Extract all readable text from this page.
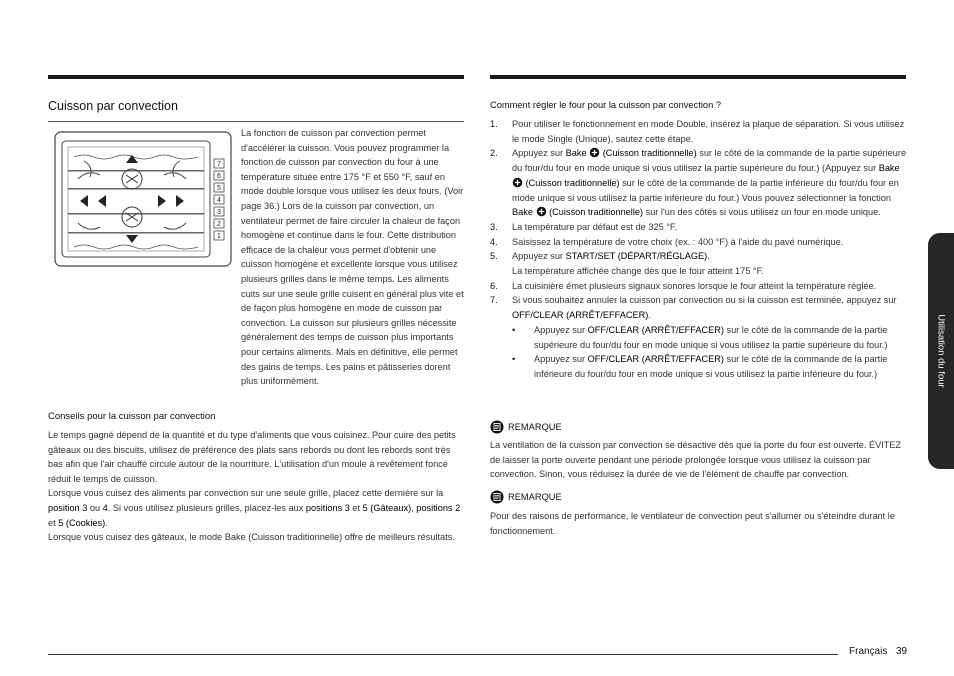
Cuisson par convection
7
6
5
4
3
2
1
La fonction de cuisson par convection permet d'accélérer la cuisson. Vous pouvez programmer la fonction de cuisson par convection du four à une température située entre 175 °F et 550 °F, sauf en mode double lorsque vous utilisez les deux fours. (Voir page 36.) Lors de la cuisson par convection, un ventilateur permet de faire circuler la chaleur de façon homogène et continue dans le four. Cette distribution efficace de la chaleur vous permet d'obtenir une cuisson homogène et excellente lorsque vous utilisez plusieurs grilles dans le même temps. Les aliments cuits sur une seule grille cuisent en général plus vite et de façon plus homogène en mode de cuisson par convection. La cuisson sur plusieurs grilles nécessite généralement des temps de cuisson plus importants pour certains aliments. Mais en définitive, elle permet des gains de temps. Les pains et pâtisseries dorent plus uniformément.
Conseils pour la cuisson par convection

Le temps gagné dépend de la quantité et du type d'aliments que vous cuisinez. Pour cuire des petits gâteaux ou des biscuits, utilisez de préférence des plats sans rebords ou dont les rebords sont très bas afin que l'air chauffé circule autour de la nourriture. L'utilisation d'un moule à revêtement foncé réduit le temps de cuisson.

Lorsque vous cuisez des aliments par convection sur une seule grille, placez cette dernière sur la position 3 ou 4. Si vous utilisez plusieurs grilles, placez-les aux positions 3 et 5 (Gâteaux), positions 2 et 5 (Cookies).

Lorsque vous cuisez des gâteaux, le mode Bake (Cuisson traditionnelle) offre de meilleurs résultats.

Comment régler le four pour la cuisson par convection ?
1. Pour utiliser le fonctionnement en mode Double, insérez la plaque de séparation. Si vous utilisez le mode Single (Unique), sautez cette étape.
2. Appuyez sur Bake (Cuisson traditionnelle) sur le côté de la commande de la partie supérieure du four/du four en mode unique si vous utilisez la partie supérieure du four.) (Appuyez sur Bake  (Cuisson traditionnelle) sur le côté de la commande de la partie inférieure du four/du four en mode unique si vous utilisez la partie inférieure du four.) Vous pouvez sélectionner la fonction Bake (Cuisson traditionnelle) sur l'un des côtés si vous utilisez un four en mode unique.
3. La température par défaut est de 325 °F.
4. Saisissez la température de votre choix (ex. : 400 °F) à l'aide du pavé numérique.
5. Appuyez sur START/SET (DÉPART/RÉGLAGE).
La température affichée change dès que le four atteint 175 °F.
6. La cuisinière émet plusieurs signaux sonores lorsque le four atteint la température réglée.
7. Si vous souhaitez annuler la cuisson par convection ou si la cuisson est terminée, appuyez sur OFF/CLEAR (ARRÊT/EFFACER).
• Appuyez sur OFF/CLEAR (ARRÊT/EFFACER) sur le côté de la commande de la partie supérieure du four/du four en mode unique si vous utilisez la partie supérieure du four.)
• Appuyez sur OFF/CLEAR (ARRÊT/EFFACER) sur le côté de la commande de la partie inférieure du four/du four en mode unique si vous utilisez la partie inférieure du four.)
REMARQUE
La ventilation de la cuisson par convection se désactive dès que la porte du four est ouverte. ÉVITEZ de laisser la porte ouverte pendant une période prolongée lorsque vous utilisez la cuisson par convection. Sinon, vous réduisez la durée de vie de l'élément de chauffe par convection.
REMARQUE
Pour des raisons de performance, le ventilateur de convection peut s'allumer ou s'éteindre durant le fonctionnement.
Utilisation du four
Français 39
